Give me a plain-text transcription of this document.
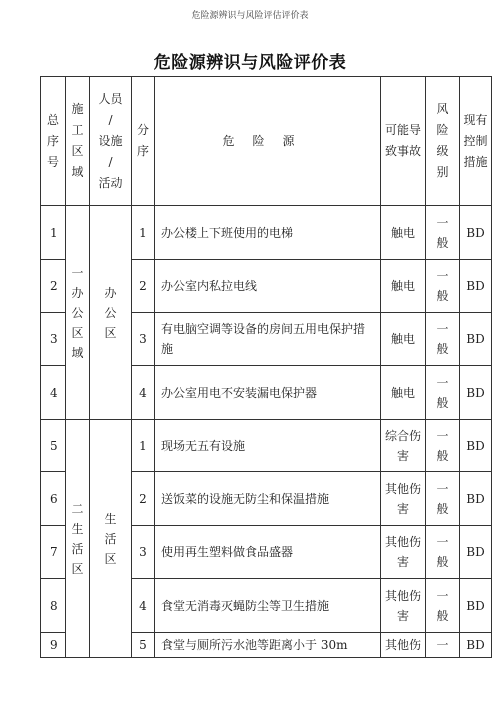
危险源辨识与风险评估评价表
危险源辨识与风险评价表
总序号	施工区域	人员
/
设施
/
活动	分序	危险源	可能导致事故	风险级别	现有控制措施
1	一办公区域	办公区	1	办公楼上下班使用的电梯	触电	一般	BD
2			2	办公室内私拉电线	触电	一般	BD
3			3	有电脑空调等设备的房间五用电保护措施	触电	一般	BD
4			4	办公室用电不安装漏电保护器	触电	一般	BD
5	二生活区	生活区	1	现场无五有设施	综合伤害	一般	BD
6			2	送饭菜的设施无防尘和保温措施	其他伤害	一般	BD
7			3	使用再生塑料做食品盛器	其他伤害	一般	BD
8			4	食堂无消毒灭蝇防尘等卫生措施	其他伤害	一般	BD
9			5	食堂与厕所污水池等距离小于 30m	其他伤	一	BD
